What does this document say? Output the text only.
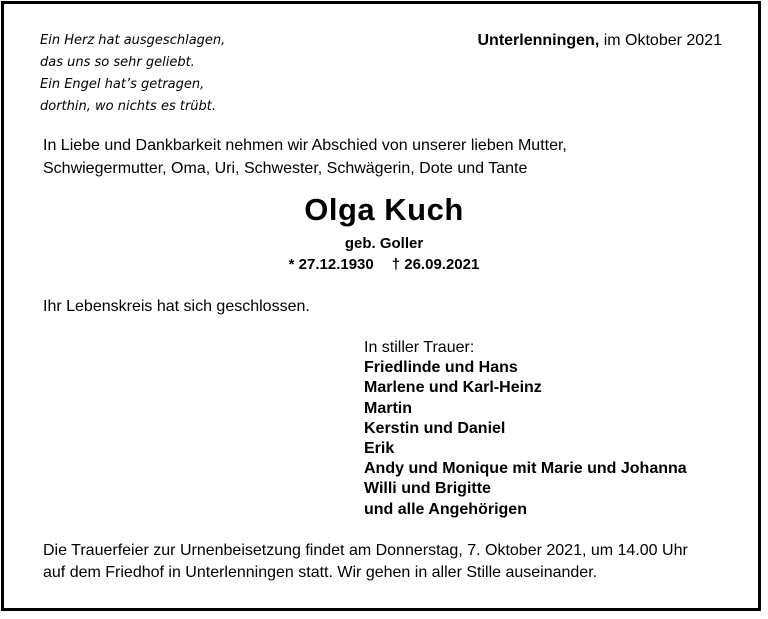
Ein Herz hat ausgeschlagen,
das uns so sehr geliebt.
Ein Engel hat’s getragen,
dorthin, wo nichts es trübt.
Unterlenningen, im Oktober 2021
In Liebe und Dankbarkeit nehmen wir Abschied von unserer lieben Mutter,
Schwiegermutter, Oma, Uri, Schwester, Schwägerin, Dote und Tante
Olga Kuch
geb. Goller
* 27.12.1930 † 26.09.2021
Ihr Lebenskreis hat sich geschlossen.
In stiller Trauer:
Friedlinde und Hans
Marlene und Karl-Heinz
Martin
Kerstin und Daniel
Erik
Andy und Monique mit Marie und Johanna
Willi und Brigitte
und alle Angehörigen
Die Trauerfeier zur Urnenbeisetzung findet am Donnerstag, 7. Oktober 2021, um 14.00 Uhr
auf dem Friedhof in Unterlenningen statt. Wir gehen in aller Stille auseinander.
